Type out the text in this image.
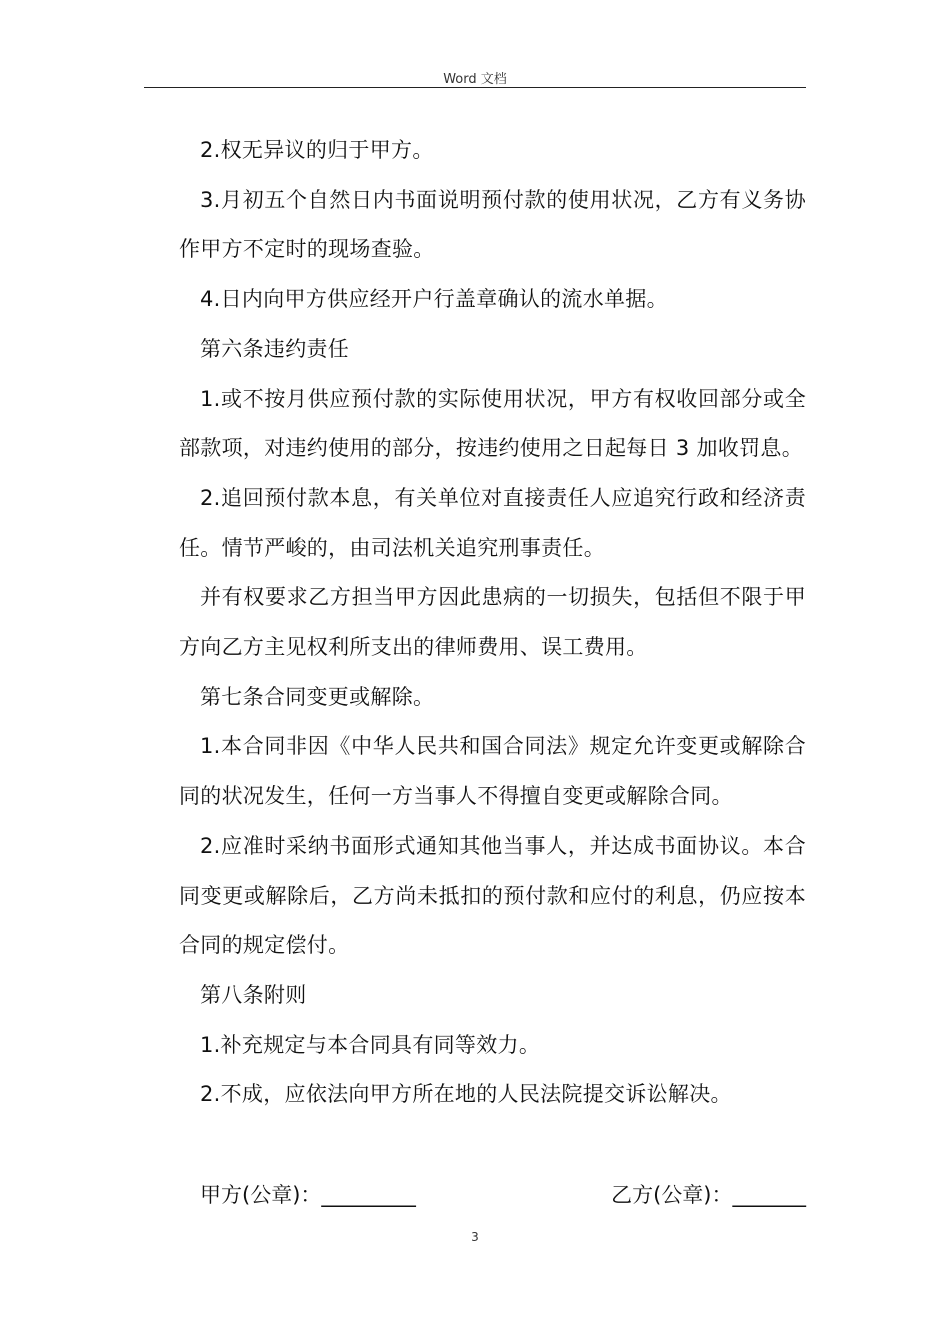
Word 文档

2.权无异议的归于甲方。

3.月初五个自然日内书面说明预付款的使用状况，乙方有义务协作甲方不定时的现场查验。

4.日内向甲方供应经开户行盖章确认的流水单据。

第六条违约责任

1.或不按月供应预付款的实际使用状况，甲方有权收回部分或全部款项，对违约使用的部分，按违约使用之日起每日 3 加收罚息。

2.追回预付款本息，有关单位对直接责任人应追究行政和经济责任。情节严峻的，由司法机关追究刑事责任。

并有权要求乙方担当甲方因此患病的一切损失，包括但不限于甲方向乙方主见权利所支出的律师费用、误工费用。

第七条合同变更或解除。

1.本合同非因《中华人民共和国合同法》规定允许变更或解除合同的状况发生，任何一方当事人不得擅自变更或解除合同。

2.应准时采纳书面形式通知其他当事人，并达成书面协议。本合同变更或解除后，乙方尚未抵扣的预付款和应付的利息，仍应按本合同的规定偿付。

第八条附则

1.补充规定与本合同具有同等效力。

2.不成，应依法向甲方所在地的人民法院提交诉讼解决。

甲方(公章)：_________	乙方(公章)：_______
3
